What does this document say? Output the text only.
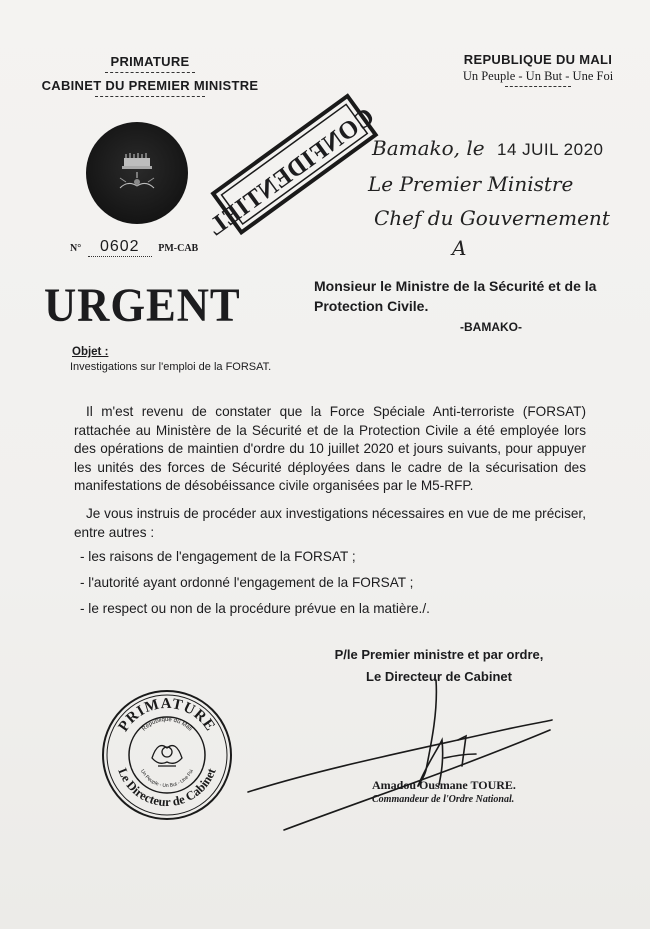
PRIMATURE
CABINET DU PREMIER MINISTRE
REPUBLIQUE DU MALI
Un Peuple - Un But - Une Foi
CONFIDENTIEL
Bamako, le 14 JUIL 2020
Le Premier Ministre
Chef du Gouvernement
A
N° 0602 PM-CAB
URGENT	Monsieur le Ministre de la Sécurité et de la Protection Civile.
-BAMAKO-
Objet :
Investigations sur l'emploi de la FORSAT.
Il m'est revenu de constater que la Force Spéciale Anti-terroriste (FORSAT) rattachée au Ministère de la Sécurité et de la Protection Civile a été employée lors des opérations de maintien d'ordre du 10 juillet 2020 et jours suivants, pour appuyer les unités des forces de Sécurité déployées dans le cadre de la sécurisation des manifestations de désobéissance civile organisées par le M5-RFP.
Je vous instruis de procéder aux investigations nécessaires en vue de me préciser, entre autres :
- les raisons de l'engagement de la FORSAT ;
- l'autorité ayant ordonné l'engagement de la FORSAT ;
- le respect ou non de la procédure prévue en la matière./.
P/le Premier ministre et par ordre,
Le Directeur de Cabinet
Amadou Ousmane TOURE.
Commandeur de l'Ordre National.
PRIMATURE
Le Directeur de Cabinet
République du Mali
Un Peuple - Un But - Une Foi
